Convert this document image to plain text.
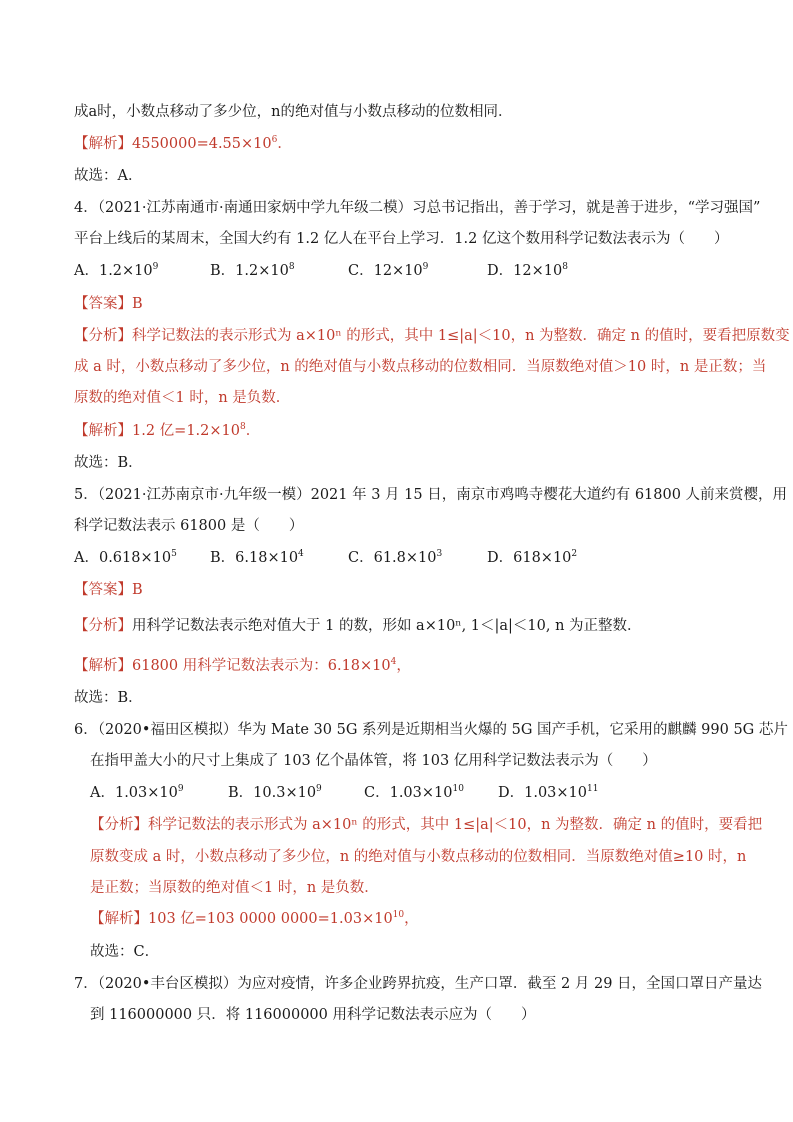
成a时，小数点移动了多少位，n的绝对值与小数点移动的位数相同．
【解析】$4550000=4.55\times 10^6$．
故选：A．
4．（2021·江苏南通市·南通田家炳中学九年级二模）习总书记指出，善于学习，就是善于进步，“学习强国”
平台上线后的某周末，全国大约有 1.2 亿人在平台上学习．1.2 亿这个数用科学记数法表示为（　　）
A．$1.2\times 10^9$	B．$1.2\times 10^8$	C．$12\times 10^9$	D．$12\times 10^8$
【答案】B
【分析】科学记数法的表示形式为 a×10ⁿ 的形式，其中 1≤|a|＜10，n 为整数．确定 n 的值时，要看把原数变
成 a 时，小数点移动了多少位，n 的绝对值与小数点移动的位数相同．当原数绝对值＞10 时，n 是正数；当
原数的绝对值＜1 时，n 是负数．
【解析】1.2 亿$=1.2\times 10^8$．
故选：B．
5．（2021·江苏南京市·九年级一模）2021 年 3 月 15 日，南京市鸡鸣寺樱花大道约有 61800 人前来赏樱，用
科学记数法表示 61800 是（　　）
A．$0.618\times 10^5$ B．$6.18\times 10^4$	C．$61.8\times 10^3$	D．$618\times 10^2$
【答案】B
【分析】用科学记数法表示绝对值大于 1 的数，形如 a×10ⁿ, 1＜|a|＜10, n 为正整数．
【解析】61800 用科学记数法表示为：$6.18\times 10^4$，
故选：B．
6．（2020•福田区模拟）华为 Mate 30 5G 系列是近期相当火爆的 5G 国产手机，它采用的麒麟 990 5G 芯片
在指甲盖大小的尺寸上集成了 103 亿个晶体管，将 103 亿用科学记数法表示为（　　）
A．$1.03\times 10^9$	B．$10.3\times 10^9$	C．$1.03\times 10^{10}$ D．$1.03\times 10^{11}$
【分析】科学记数法的表示形式为 a×10ⁿ 的形式，其中 1≤|a|＜10，n 为整数．确定 n 的值时，要看把
原数变成 a 时，小数点移动了多少位，n 的绝对值与小数点移动的位数相同．当原数绝对值≥10 时，n
是正数；当原数的绝对值＜1 时，n 是负数．
【解析】103 亿=103 0000 $0000=1.03\times 10^{10}$，
故选：C．
7．（2020•丰台区模拟）为应对疫情，许多企业跨界抗疫，生产口罩．截至 2 月 29 日，全国口罩日产量达
到 116000000 只．将 116000000 用科学记数法表示应为（　　）
